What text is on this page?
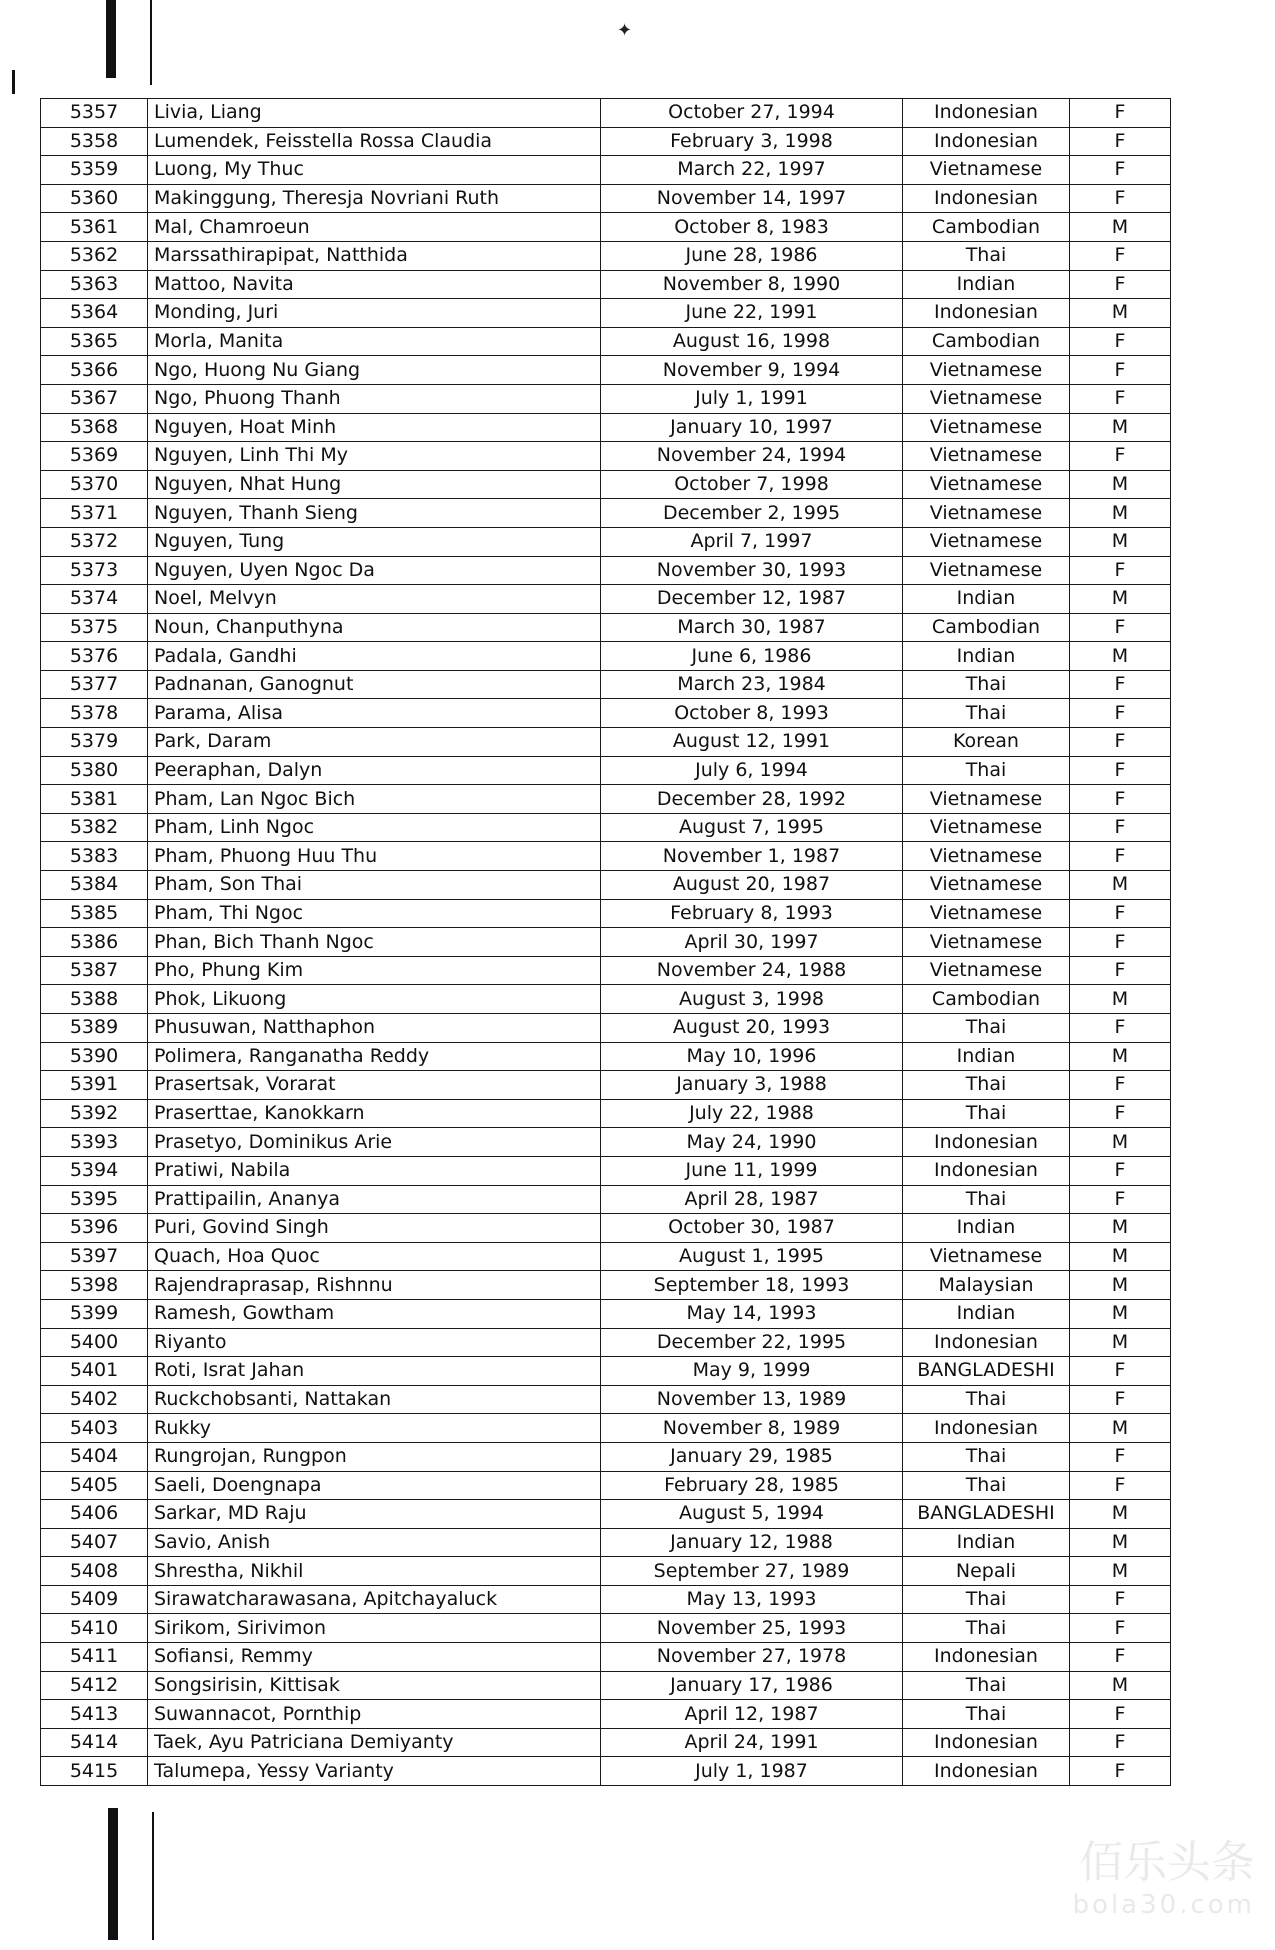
✦
5357	Livia, Liang	October 27, 1994	Indonesian	F
5358	Lumendek, Feisstella Rossa Claudia	February 3, 1998	Indonesian	F
5359	Luong, My Thuc	March 22, 1997	Vietnamese	F
5360	Makinggung, Theresja Novriani Ruth	November 14, 1997	Indonesian	F
5361	Mal, Chamroeun	October 8, 1983	Cambodian	M
5362	Marssathirapipat, Natthida	June 28, 1986	Thai	F
5363	Mattoo, Navita	November 8, 1990	Indian	F
5364	Monding, Juri	June 22, 1991	Indonesian	M
5365	Morla, Manita	August 16, 1998	Cambodian	F
5366	Ngo, Huong Nu Giang	November 9, 1994	Vietnamese	F
5367	Ngo, Phuong Thanh	July 1, 1991	Vietnamese	F
5368	Nguyen, Hoat Minh	January 10, 1997	Vietnamese	M
5369	Nguyen, Linh Thi My	November 24, 1994	Vietnamese	F
5370	Nguyen, Nhat Hung	October 7, 1998	Vietnamese	M
5371	Nguyen, Thanh Sieng	December 2, 1995	Vietnamese	M
5372	Nguyen, Tung	April 7, 1997	Vietnamese	M
5373	Nguyen, Uyen Ngoc Da	November 30, 1993	Vietnamese	F
5374	Noel, Melvyn	December 12, 1987	Indian	M
5375	Noun, Chanputhyna	March 30, 1987	Cambodian	F
5376	Padala, Gandhi	June 6, 1986	Indian	M
5377	Padnanan, Ganognut	March 23, 1984	Thai	F
5378	Parama, Alisa	October 8, 1993	Thai	F
5379	Park, Daram	August 12, 1991	Korean	F
5380	Peeraphan, Dalyn	July 6, 1994	Thai	F
5381	Pham, Lan Ngoc Bich	December 28, 1992	Vietnamese	F
5382	Pham, Linh Ngoc	August 7, 1995	Vietnamese	F
5383	Pham, Phuong Huu Thu	November 1, 1987	Vietnamese	F
5384	Pham, Son Thai	August 20, 1987	Vietnamese	M
5385	Pham, Thi Ngoc	February 8, 1993	Vietnamese	F
5386	Phan, Bich Thanh Ngoc	April 30, 1997	Vietnamese	F
5387	Pho, Phung Kim	November 24, 1988	Vietnamese	F
5388	Phok, Likuong	August 3, 1998	Cambodian	M
5389	Phusuwan, Natthaphon	August 20, 1993	Thai	F
5390	Polimera, Ranganatha Reddy	May 10, 1996	Indian	M
5391	Prasertsak, Vorarat	January 3, 1988	Thai	F
5392	Praserttae, Kanokkarn	July 22, 1988	Thai	F
5393	Prasetyo, Dominikus Arie	May 24, 1990	Indonesian	M
5394	Pratiwi, Nabila	June 11, 1999	Indonesian	F
5395	Prattipailin, Ananya	April 28, 1987	Thai	F
5396	Puri, Govind Singh	October 30, 1987	Indian	M
5397	Quach, Hoa Quoc	August 1, 1995	Vietnamese	M
5398	Rajendraprasap, Rishnnu	September 18, 1993	Malaysian	M
5399	Ramesh, Gowtham	May 14, 1993	Indian	M
5400	Riyanto	December 22, 1995	Indonesian	M
5401	Roti, Israt Jahan	May 9, 1999	BANGLADESHI	F
5402	Ruckchobsanti, Nattakan	November 13, 1989	Thai	F
5403	Rukky	November 8, 1989	Indonesian	M
5404	Rungrojan, Rungpon	January 29, 1985	Thai	F
5405	Saeli, Doengnapa	February 28, 1985	Thai	F
5406	Sarkar, MD Raju	August 5, 1994	BANGLADESHI	M
5407	Savio, Anish	January 12, 1988	Indian	M
5408	Shrestha, Nikhil	September 27, 1989	Nepali	M
5409	Sirawatcharawasana, Apitchayaluck	May 13, 1993	Thai	F
5410	Sirikom, Sirivimon	November 25, 1993	Thai	F
5411	Sofiansi, Remmy	November 27, 1978	Indonesian	F
5412	Songsirisin, Kittisak	January 17, 1986	Thai	M
5413	Suwannacot, Pornthip	April 12, 1987	Thai	F
5414	Taek, Ayu Patriciana Demiyanty	April 24, 1991	Indonesian	F
5415	Talumepa, Yessy Varianty	July 1, 1987	Indonesian	F
佰乐头条
bola30.com
